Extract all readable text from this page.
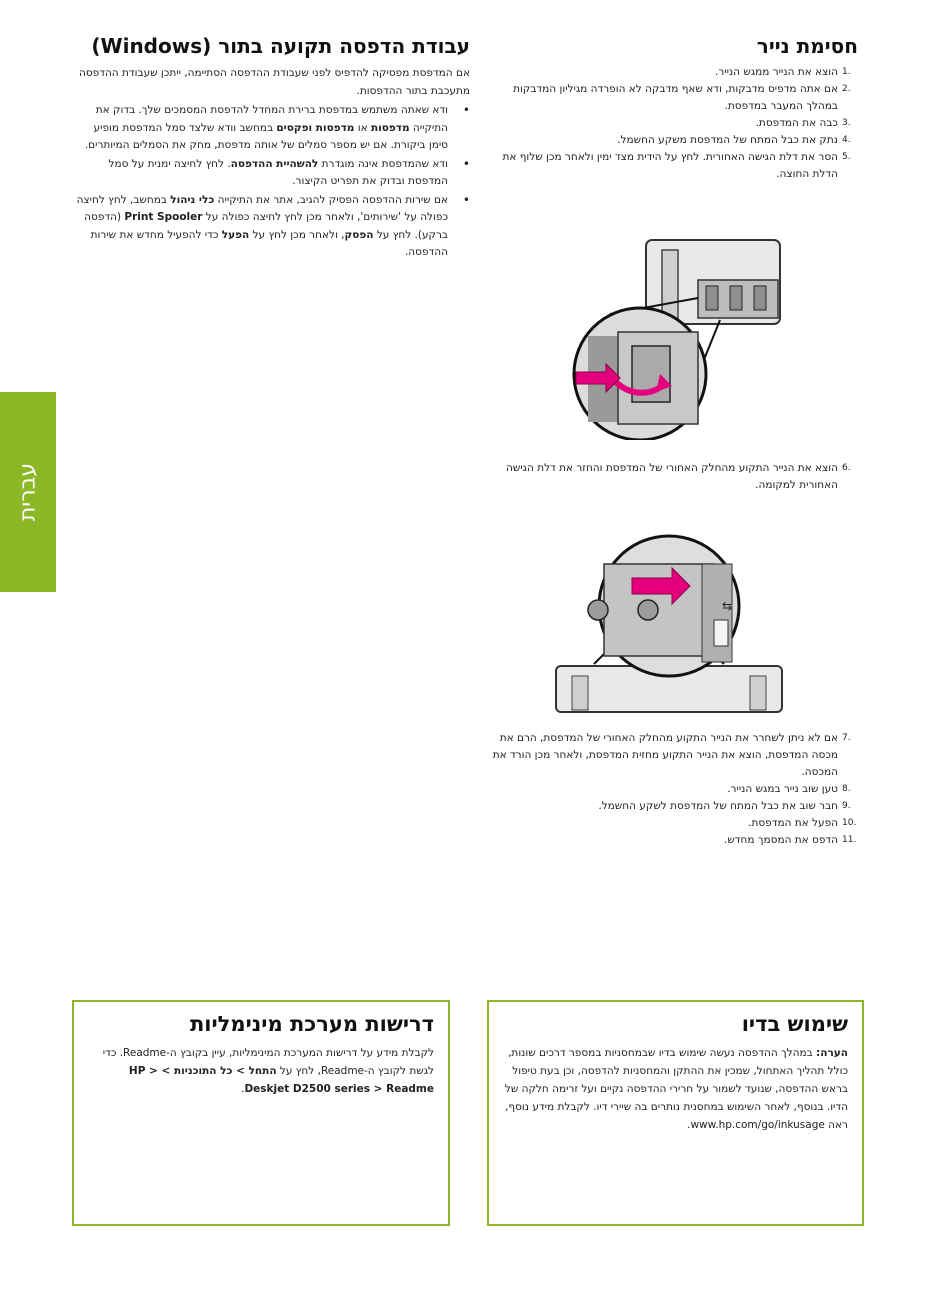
עברית
חסימת נייר
1.
הוצא את הנייר ממגש הנייר.
2.
אם אתה מדפיס מדבקות, ודא שאף מדבקה לא הופרדה מגיליון המדבקות במהלך המעבר במדפסת.
3.
כבה את המדפסת.
4.
נתק את כבל המתח של המדפסת משקע החשמל.
5.
הסר את דלת הגישה האחורית. לחץ על הידית מצד ימין ולאחר מכן שלוף את הדלת החוצה.
6.
הוצא את הנייר התקוע מהחלק האחורי של המדפסת והחזר את דלת הגישה האחורית למקומה.
⇆
7.
אם לא ניתן לשחרר את הנייר התקוע מהחלק האחורי של המדפסת, הרם את מכסה המדפסת, הוצא את הנייר התקוע מחזית המדפסת, ולאחר מכן הורד את המכסה.
8.
טען שוב נייר במגש הנייר.
9.
חבר שוב את כבל המתח של המדפסת לשקע החשמל.
10.
הפעל את המדפסת.
11.
הדפס את המסמך מחדש.
עבודת הדפסה תקועה בתור (Windows)

אם המדפסת מפסיקה להדפיס לפני שעבודת ההדפסה הסתיימה, ייתכן שעבודת ההדפסה מתעכבת בתור ההדפסות.

• ודא שאתה משתמש במדפסת ברירת המחדל להדפסת המסמכים שלך. בדוק את התיקייה מדפסות או מדפסות ופקסים במחשב וודא שלצד סמל המדפסת מופיע סימן ביקורת. אם יש מספר סמלים של אותה מדפסת, מחק את הסמלים המיותרים.
• ודא שהמדפסת אינה מוגדרת להשהיית ההדפסה. לחץ לחיצה ימנית על סמל המדפסת ובדוק את תפריט הקיצור.
• אם שירות ההדפסה הפסיק להגיב, אתר את התיקייה כלי ניהול במחשב, לחץ לחיצה כפולה על 'שירותים', ולאחר מכן לחץ לחיצה כפולה על Print Spooler (הדפסה ברקע). לחץ על הפסק, ולאחר מכן לחץ על הפעל כדי להפעיל מחדש את שירות ההדפסה.
שימוש בדיו

הערה: במהלך ההדפסה נעשה שימוש בדיו שבמחסניות במספר דרכים שונות, כולל תהליך האתחול, שמכין את ההתקן והמחסניות להדפסה, וכן בעת טיפול בראש ההדפסה, שנועד לשמור על חרירי ההדפסה נקיים ועל זרימה חלקה של הדיו. בנוסף, לאחר השימוש במחסנית נותרים בה שיירי דיו. לקבלת מידע נוסף, ראה www.hp.com/go/inkusage.

דרישות מערכת מינימליות

לקבלת מידע על דרישות המערכת המינימליות, עיין בקובץ ה-Readme. כדי לגשת לקובץ ה-Readme, לחץ על התחל > כל התוכניות > HP > Deskjet D2500 series > Readme.
